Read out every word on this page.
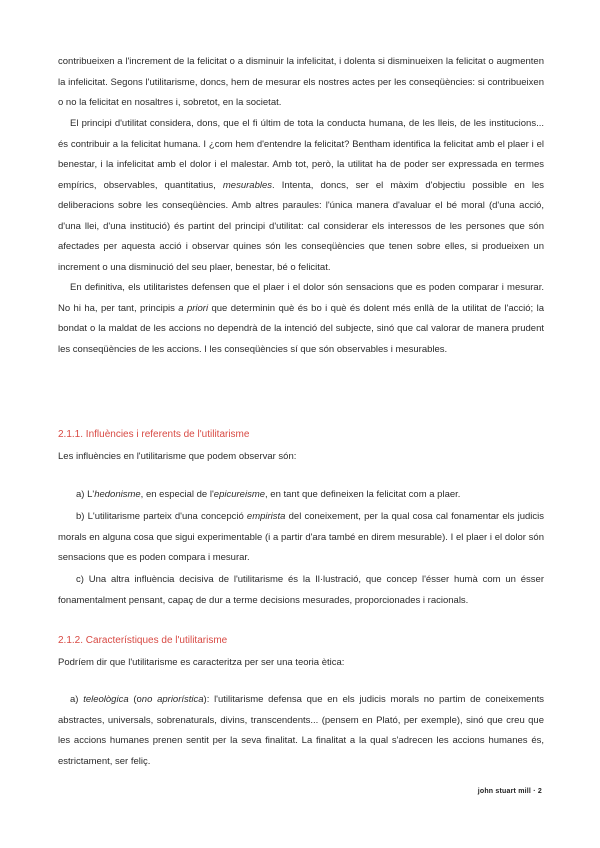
contribueixen a l'increment de la felicitat o a disminuir la infelicitat, i dolenta si disminueixen la felicitat o augmenten la infelicitat. Segons l'utilitarisme, doncs, hem de mesurar els nostres actes per les conseqüències: si contribueixen o no la felicitat en nosaltres i, sobretot, en la societat.
El principi d'utilitat considera, dons, que el fi últim de tota la conducta humana, de les lleis, de les institucions... és contribuir a la felicitat humana. I ¿com hem d'entendre la felicitat? Bentham identifica la felicitat amb el plaer i el benestar, i la infelicitat amb el dolor i el malestar. Amb tot, però, la utilitat ha de poder ser expressada en termes empírics, observables, quantitatius, mesurables. Intenta, doncs, ser el màxim d'objectiu possible en les deliberacions sobre les conseqüències. Amb altres paraules: l'única manera d'avaluar el bé moral (d'una acció, d'una llei, d'una institució) és partint del principi d'utilitat: cal considerar els interessos de les persones que són afectades per aquesta acció i observar quines són les conseqüències que tenen sobre elles, si produeixen un increment o una disminució del seu plaer, benestar, bé o felicitat.
En definitiva, els utilitaristes defensen que el plaer i el dolor són sensacions que es poden comparar i mesurar. No hi ha, per tant, principis a priori que determinin què és bo i què és dolent més enllà de la utilitat de l'acció; la bondat o la maldat de les accions no dependrà de la intenció del subjecte, sinó que cal valorar de manera prudent les conseqüències de les accions. I les conseqüències sí que són observables i mesurables.
2.1.1. Influències i referents de l'utilitarisme
Les influències en l'utilitarisme que podem observar són:
a) L'hedonisme, en especial de l'epicureisme, en tant que defineixen la felicitat com a plaer.
b) L'utilitarisme parteix d'una concepció empirista del coneixement, per la qual cosa cal fonamentar els judicis morals en alguna cosa que sigui experimentable (i a partir d'ara també en direm mesurable). I el plaer i el dolor són sensacions que es poden compara i mesurar.
c) Una altra influència decisiva de l'utilitarisme és la Il·lustració, que concep l'ésser humà com un ésser fonamentalment pensant, capaç de dur a terme decisions mesurades, proporcionades i racionals.
2.1.2. Característiques de l'utilitarisme
Podríem dir que l'utilitarisme es caracteritza per ser una teoria ètica:
a) teleològica (ono apriorística): l'utilitarisme defensa que en els judicis morals no partim de coneixements abstractes, universals, sobrenaturals, divins, transcendents... (pensem en Plató, per exemple), sinó que creu que les accions humanes prenen sentit per la seva finalitat. La finalitat a la qual s'adrecen les accions humanes és, estrictament, ser feliç.
john stuart mill · 2
